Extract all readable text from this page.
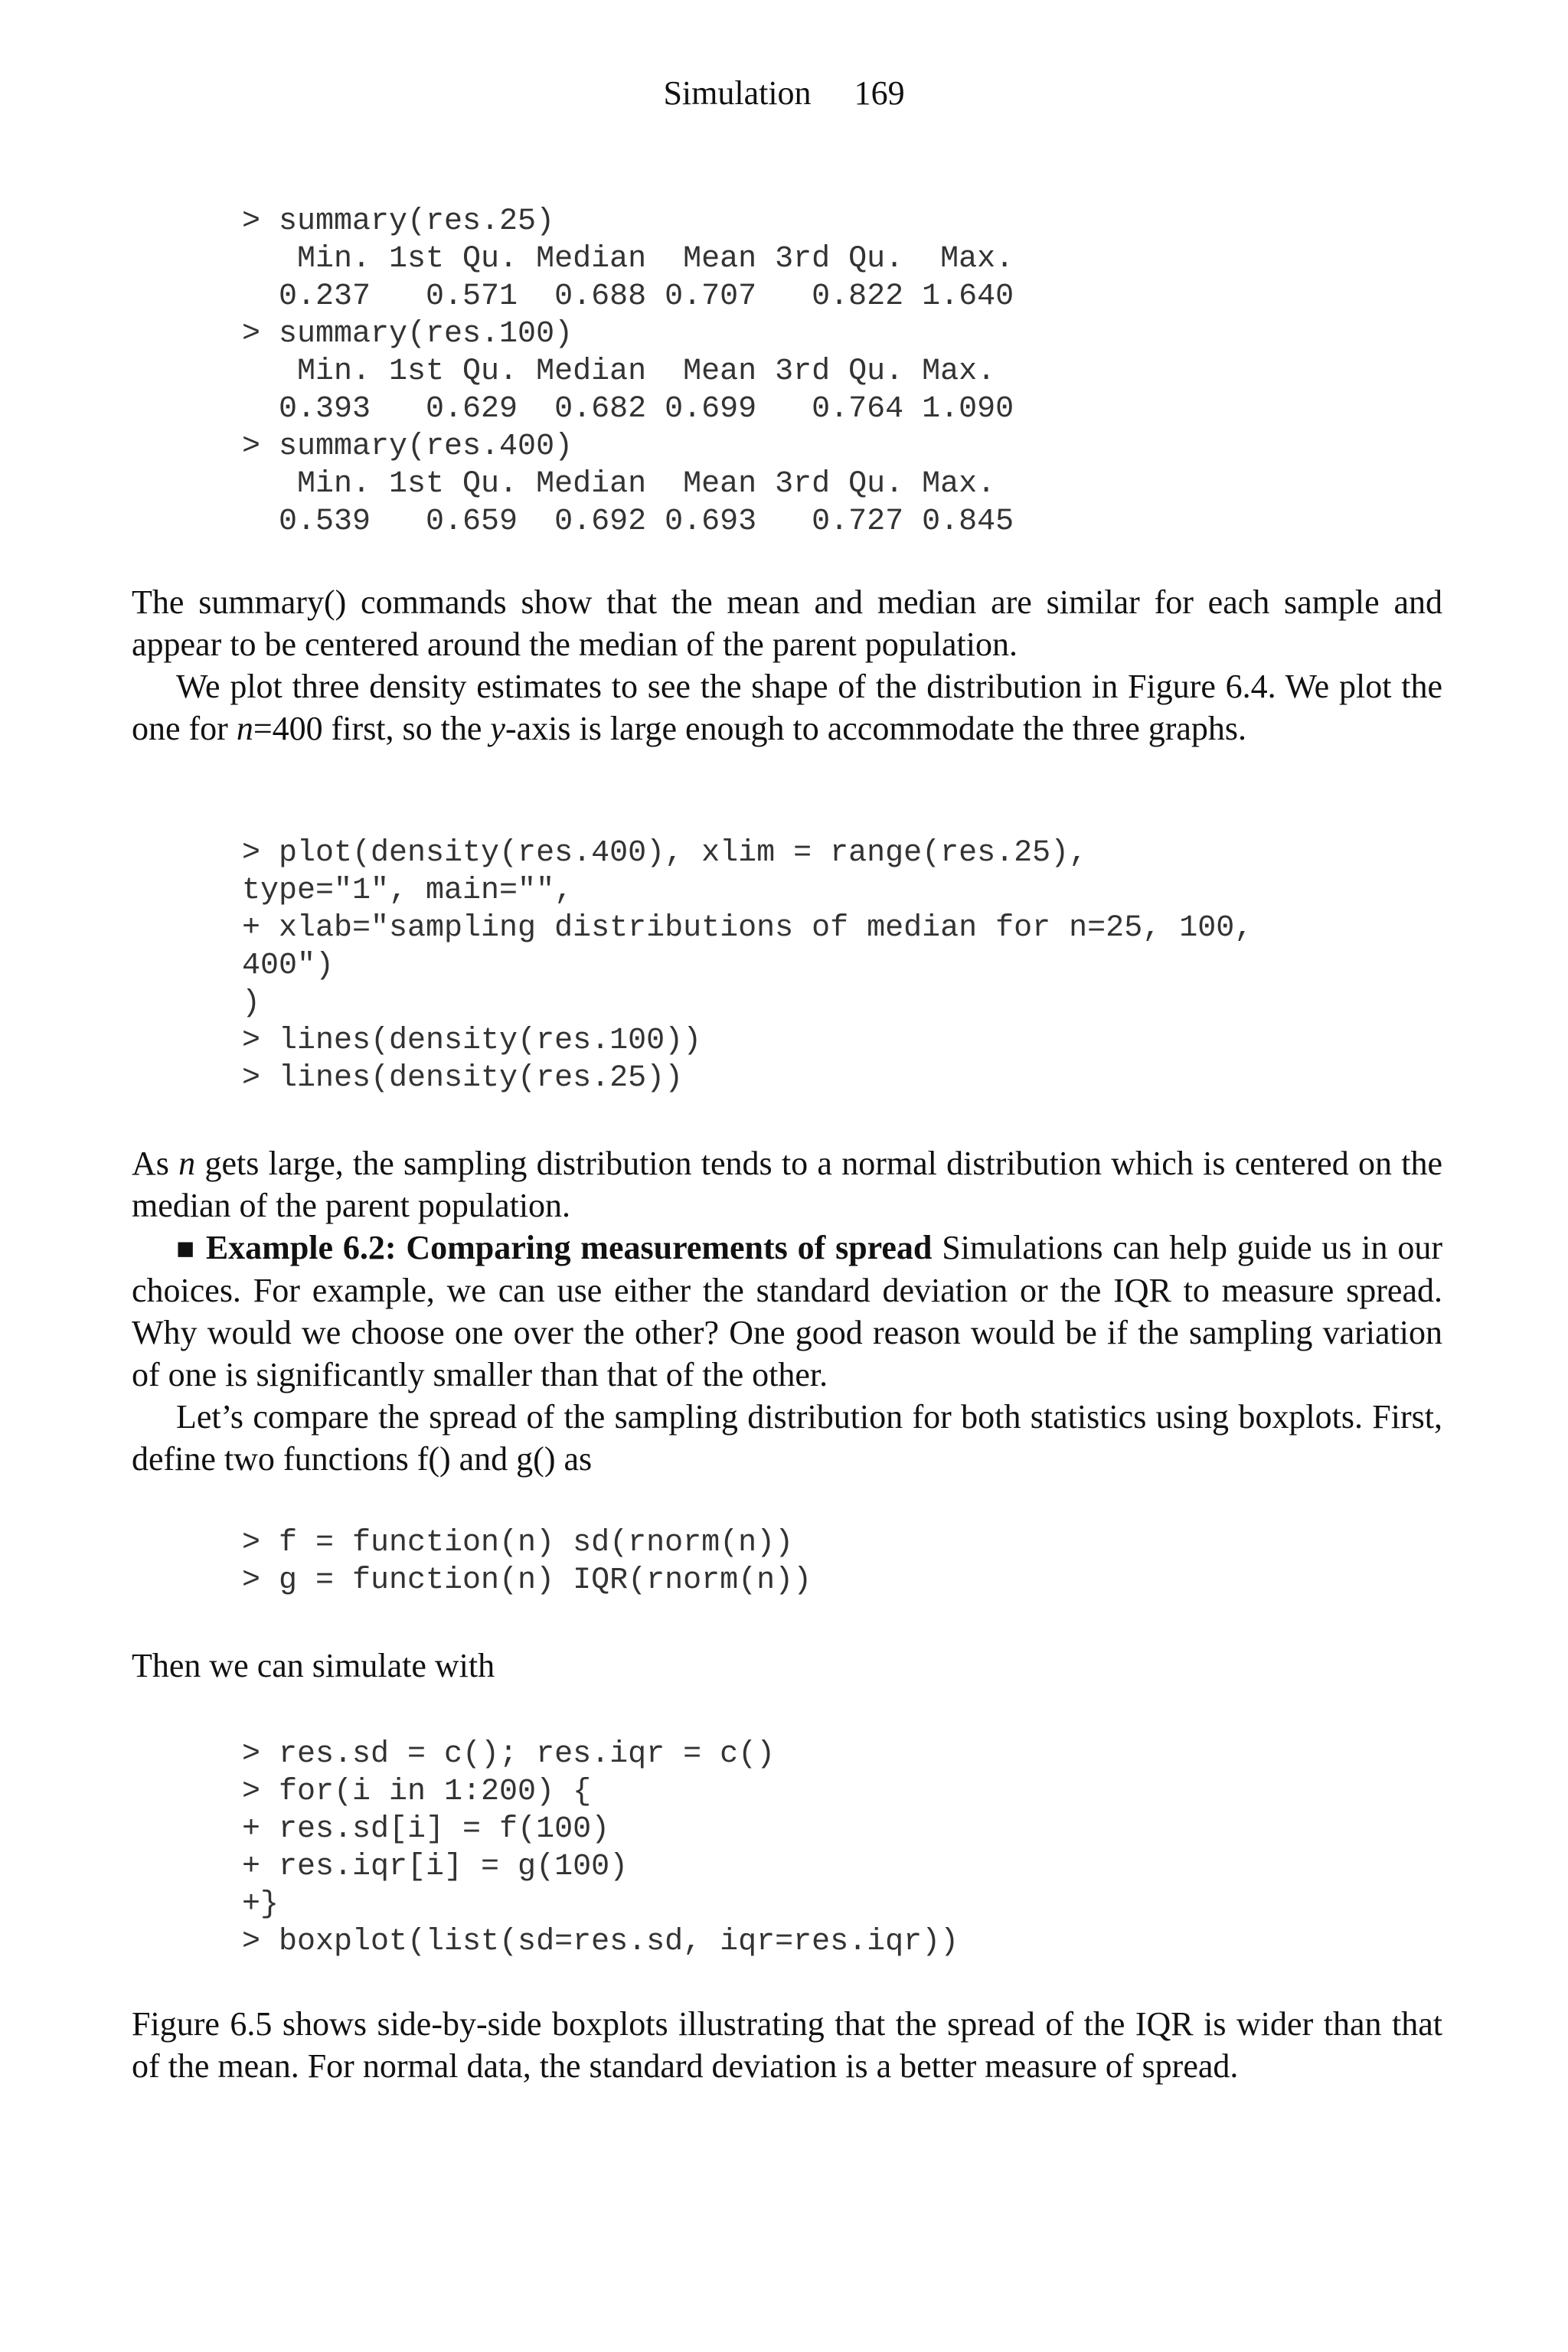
Simulation 169
> summary(res.25)
Min. 1st Qu. Median  Mean 3rd Qu.  Max.
0.237   0.571  0.688 0.707   0.822 1.640
> summary(res.100)
Min. 1st Qu. Median  Mean 3rd Qu. Max.
0.393   0.629  0.682 0.699   0.764 1.090
> summary(res.400)
Min. 1st Qu. Median  Mean 3rd Qu. Max.
0.539   0.659  0.692 0.693   0.727 0.845
The summary() commands show that the mean and median are similar for each sample and appear to be centered around the median of the parent population.
We plot three density estimates to see the shape of the distribution in Figure 6.4. We plot the one for n=400 first, so the y-axis is large enough to accommodate the three graphs.
> plot(density(res.400), xlim = range(res.25),
type="1", main="",
+ xlab="sampling distributions of median for n=25, 100,
400")
)
> lines(density(res.100))
> lines(density(res.25))
As n gets large, the sampling distribution tends to a normal distribution which is centered on the median of the parent population.
■ Example 6.2: Comparing measurements of spread Simulations can help guide us in our choices. For example, we can use either the standard deviation or the IQR to measure spread. Why would we choose one over the other? One good reason would be if the sampling variation of one is significantly smaller than that of the other.
Let’s compare the spread of the sampling distribution for both statistics using boxplots. First, define two functions f() and g() as
> f = function(n) sd(rnorm(n))
> g = function(n) IQR(rnorm(n))
Then we can simulate with
> res.sd = c(); res.iqr = c()
> for(i in 1:200) {
+ res.sd[i] = f(100)
+ res.iqr[i] = g(100)
+}
> boxplot(list(sd=res.sd, iqr=res.iqr))
Figure 6.5 shows side-by-side boxplots illustrating that the spread of the IQR is wider than that of the mean. For normal data, the standard deviation is a better measure of spread.
